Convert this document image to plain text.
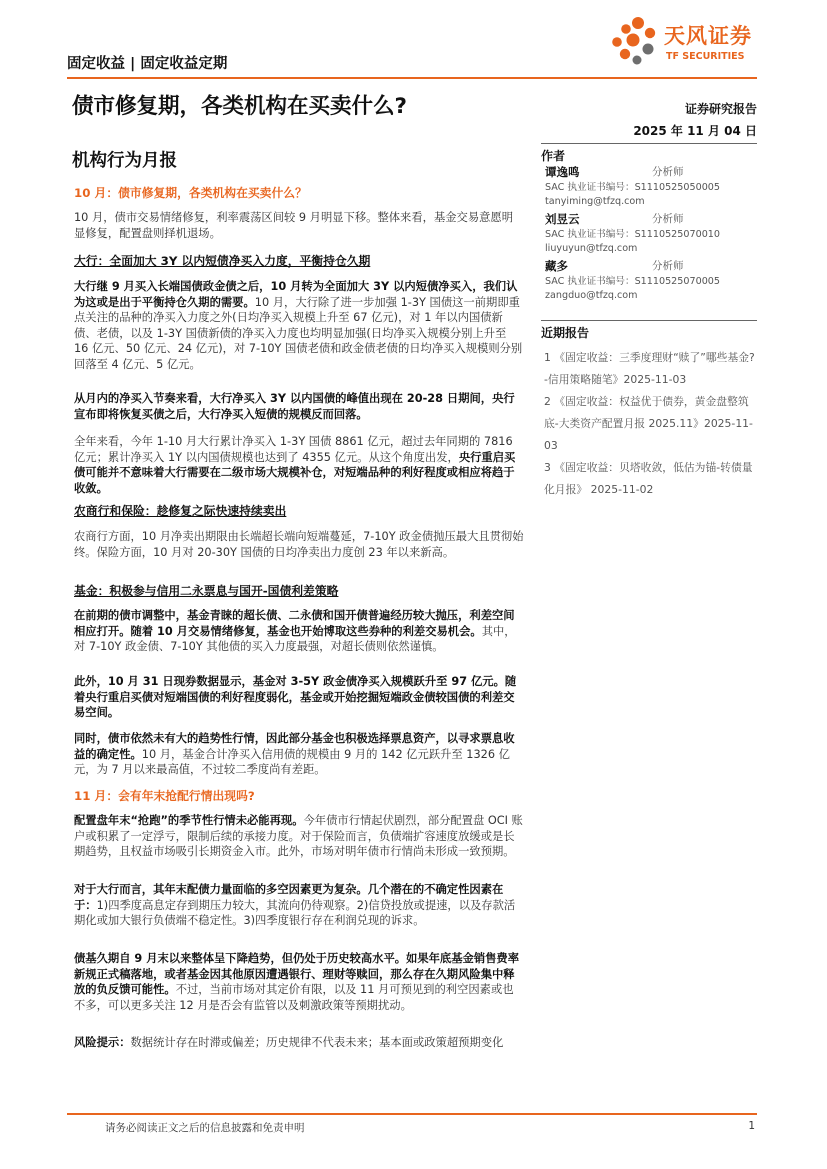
天风证券
TF SECURITIES
固定收益 | 固定收益定期
债市修复期，各类机构在买卖什么?	证券研究报告
2025 年 11 月 04 日
机构行为月报
10 月：债市修复期，各类机构在买卖什么？
10 月，债市交易情绪修复，利率震荡区间较 9 月明显下移。整体来看，基金交易意愿明显修复，配置盘则择机退场。
大行：全面加大 3Y 以内短债净买入力度，平衡持仓久期
大行继 9 月买入长端国债政金债之后，10 月转为全面加大 3Y 以内短债净买入，我们认为这或是出于平衡持仓久期的需要。10 月，大行除了进一步加强 1-3Y 国债这一前期即重点关注的品种的净买入力度之外(日均净买入规模上升至 67 亿元)，对 1 年以内国债新债、老债，以及 1-3Y 国债新债的净买入力度也均明显加强(日均净买入规模分别上升至 16 亿元、50 亿元、24 亿元)，对 7-10Y 国债老债和政金债老债的日均净买入规模则分别回落至 4 亿元、5 亿元。
从月内的净买入节奏来看，大行净买入 3Y 以内国债的峰值出现在 20-28 日期间，央行宣布即将恢复买债之后，大行净买入短债的规模反而回落。
全年来看，今年 1-10 月大行累计净买入 1-3Y 国债 8861 亿元，超过去年同期的 7816 亿元；累计净买入 1Y 以内国债规模也达到了 4355 亿元。从这个角度出发，央行重启买债可能并不意味着大行需要在二级市场大规模补仓，对短端品种的利好程度或相应将趋于收敛。
农商行和保险：趁修复之际快速持续卖出
农商行方面，10 月净卖出期限由长端超长端向短端蔓延，7-10Y 政金债抛压最大且贯彻始终。保险方面，10 月对 20-30Y 国债的日均净卖出力度创 23 年以来新高。
基金：积极参与信用二永票息与国开-国债利差策略
在前期的债市调整中，基金青睐的超长债、二永债和国开债普遍经历较大抛压，利差空间相应打开。随着 10 月交易情绪修复，基金也开始博取这些券种的利差交易机会。其中，对 7-10Y 政金债、7-10Y 其他债的买入力度最强，对超长债则依然谨慎。
此外，10 月 31 日现券数据显示，基金对 3-5Y 政金债净买入规模跃升至 97 亿元。随着央行重启买债对短端国债的利好程度弱化，基金或开始挖掘短端政金债较国债的利差交易空间。
同时，债市依然未有大的趋势性行情，因此部分基金也积极选择票息资产，以寻求票息收益的确定性。10 月，基金合计净买入信用债的规模由 9 月的 142 亿元跃升至 1326 亿元，为 7 月以来最高值，不过较二季度尚有差距。
11 月：会有年末抢配行情出现吗?
配置盘年末“抢跑”的季节性行情未必能再现。今年债市行情起伏剧烈，部分配置盘 OCI 账户或积累了一定浮亏，限制后续的承接力度。对于保险而言，负债端扩容速度放缓或是长期趋势，且权益市场吸引长期资金入市。此外，市场对明年债市行情尚未形成一致预期。
对于大行而言，其年末配债力量面临的多空因素更为复杂。几个潜在的不确定性因素在于：1)四季度高息定存到期压力较大，其流向仍待观察。2)信贷投放或提速，以及存款活期化或加大银行负债端不稳定性。3)四季度银行存在利润兑现的诉求。
债基久期自 9 月末以来整体呈下降趋势，但仍处于历史较高水平。如果年底基金销售费率新规正式稿落地，或者基金因其他原因遭遇银行、理财等赎回，那么存在久期风险集中释放的负反馈可能性。不过，当前市场对其定价有限，以及 11 月可预见到的利空因素或也不多，可以更多关注 12 月是否会有监管以及刺激政策等预期扰动。
风险提示：数据统计存在时滞或偏差；历史规律不代表未来；基本面或政策超预期变化
作者
谭逸鸣	分析师
SAC 执业证书编号：S1110525050005
tanyiming@tfzq.com
刘昱云	分析师
SAC 执业证书编号：S1110525070010
liuyuyun@tfzq.com
藏多	分析师
SAC 执业证书编号：S1110525070005
zangduo@tfzq.com
近期报告
1 《固定收益：三季度理财“赎了”哪些基金?-信用策略随笔》2025-11-03
2 《固定收益：权益优于债券，黄金盘整筑底-大类资产配置月报 2025.11》2025-11-03
3 《固定收益：贝塔收敛，低估为锚-转债量化月报》 2025-11-02
请务必阅读正文之后的信息披露和免责申明	1
